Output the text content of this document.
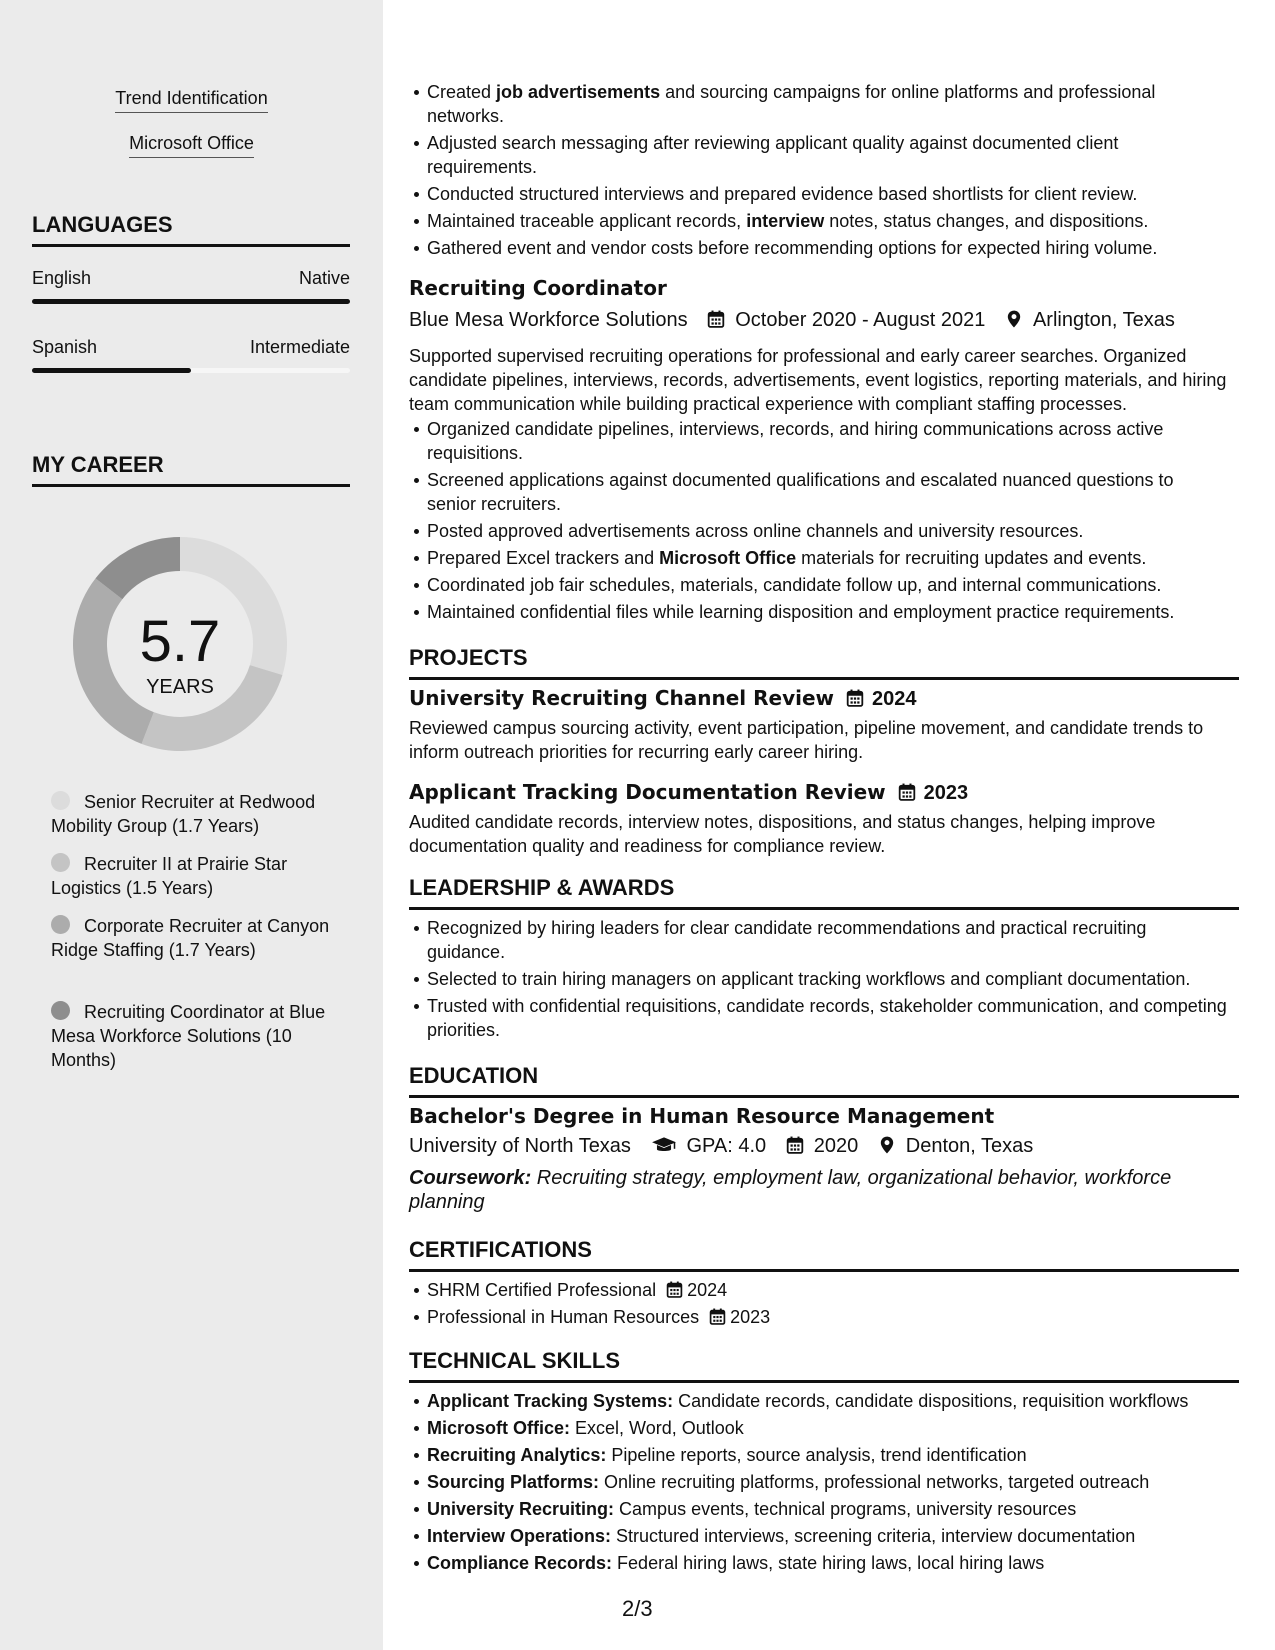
Trend Identification
Microsoft Office
LANGUAGES
English	Native
Spanish	Intermediate
MY CAREER
5.7
YEARS
Senior Recruiter at Redwood Mobility Group (1.7 Years)
Recruiter II at Prairie Star Logistics (1.5 Years)
Corporate Recruiter at Canyon Ridge Staffing (1.7 Years)
Recruiting Coordinator at Blue Mesa Workforce Solutions (10 Months)
Created job advertisements and sourcing campaigns for online platforms and professional networks.
Adjusted search messaging after reviewing applicant quality against documented client requirements.
Conducted structured interviews and prepared evidence based shortlists for client review.
Maintained traceable applicant records, interview notes, status changes, and dispositions.
Gathered event and vendor costs before recommending options for expected hiring volume.
Recruiting Coordinator
Blue Mesa Workforce Solutions October 2020 - August 2021 Arlington, Texas
Supported supervised recruiting operations for professional and early career searches. Organized candidate pipelines, interviews, records, advertisements, event logistics, reporting materials, and hiring team communication while building practical experience with compliant staffing processes.
Organized candidate pipelines, interviews, records, and hiring communications across active requisitions.
Screened applications against documented qualifications and escalated nuanced questions to senior recruiters.
Posted approved advertisements across online channels and university resources.
Prepared Excel trackers and Microsoft Office materials for recruiting updates and events.
Coordinated job fair schedules, materials, candidate follow up, and internal communications.
Maintained confidential files while learning disposition and employment practice requirements.
PROJECTS
University Recruiting Channel Review 2024
Reviewed campus sourcing activity, event participation, pipeline movement, and candidate trends to inform outreach priorities for recurring early career hiring.
Applicant Tracking Documentation Review 2023
Audited candidate records, interview notes, dispositions, and status changes, helping improve documentation quality and readiness for compliance review.
LEADERSHIP & AWARDS
Recognized by hiring leaders for clear candidate recommendations and practical recruiting guidance.
Selected to train hiring managers on applicant tracking workflows and compliant documentation.
Trusted with confidential requisitions, candidate records, stakeholder communication, and competing priorities.
EDUCATION
Bachelor's Degree in Human Resource Management
University of North Texas	GPA: 4.0 2020 Denton, Texas
Coursework: Recruiting strategy, employment law, organizational behavior, workforce planning
CERTIFICATIONS
SHRM Certified Professional 2024
Professional in Human Resources 2023
TECHNICAL SKILLS
Applicant Tracking Systems: Candidate records, candidate dispositions, requisition workflows
Microsoft Office: Excel, Word, Outlook
Recruiting Analytics: Pipeline reports, source analysis, trend identification
Sourcing Platforms: Online recruiting platforms, professional networks, targeted outreach
University Recruiting: Campus events, technical programs, university resources
Interview Operations: Structured interviews, screening criteria, interview documentation
Compliance Records: Federal hiring laws, state hiring laws, local hiring laws
2/3
